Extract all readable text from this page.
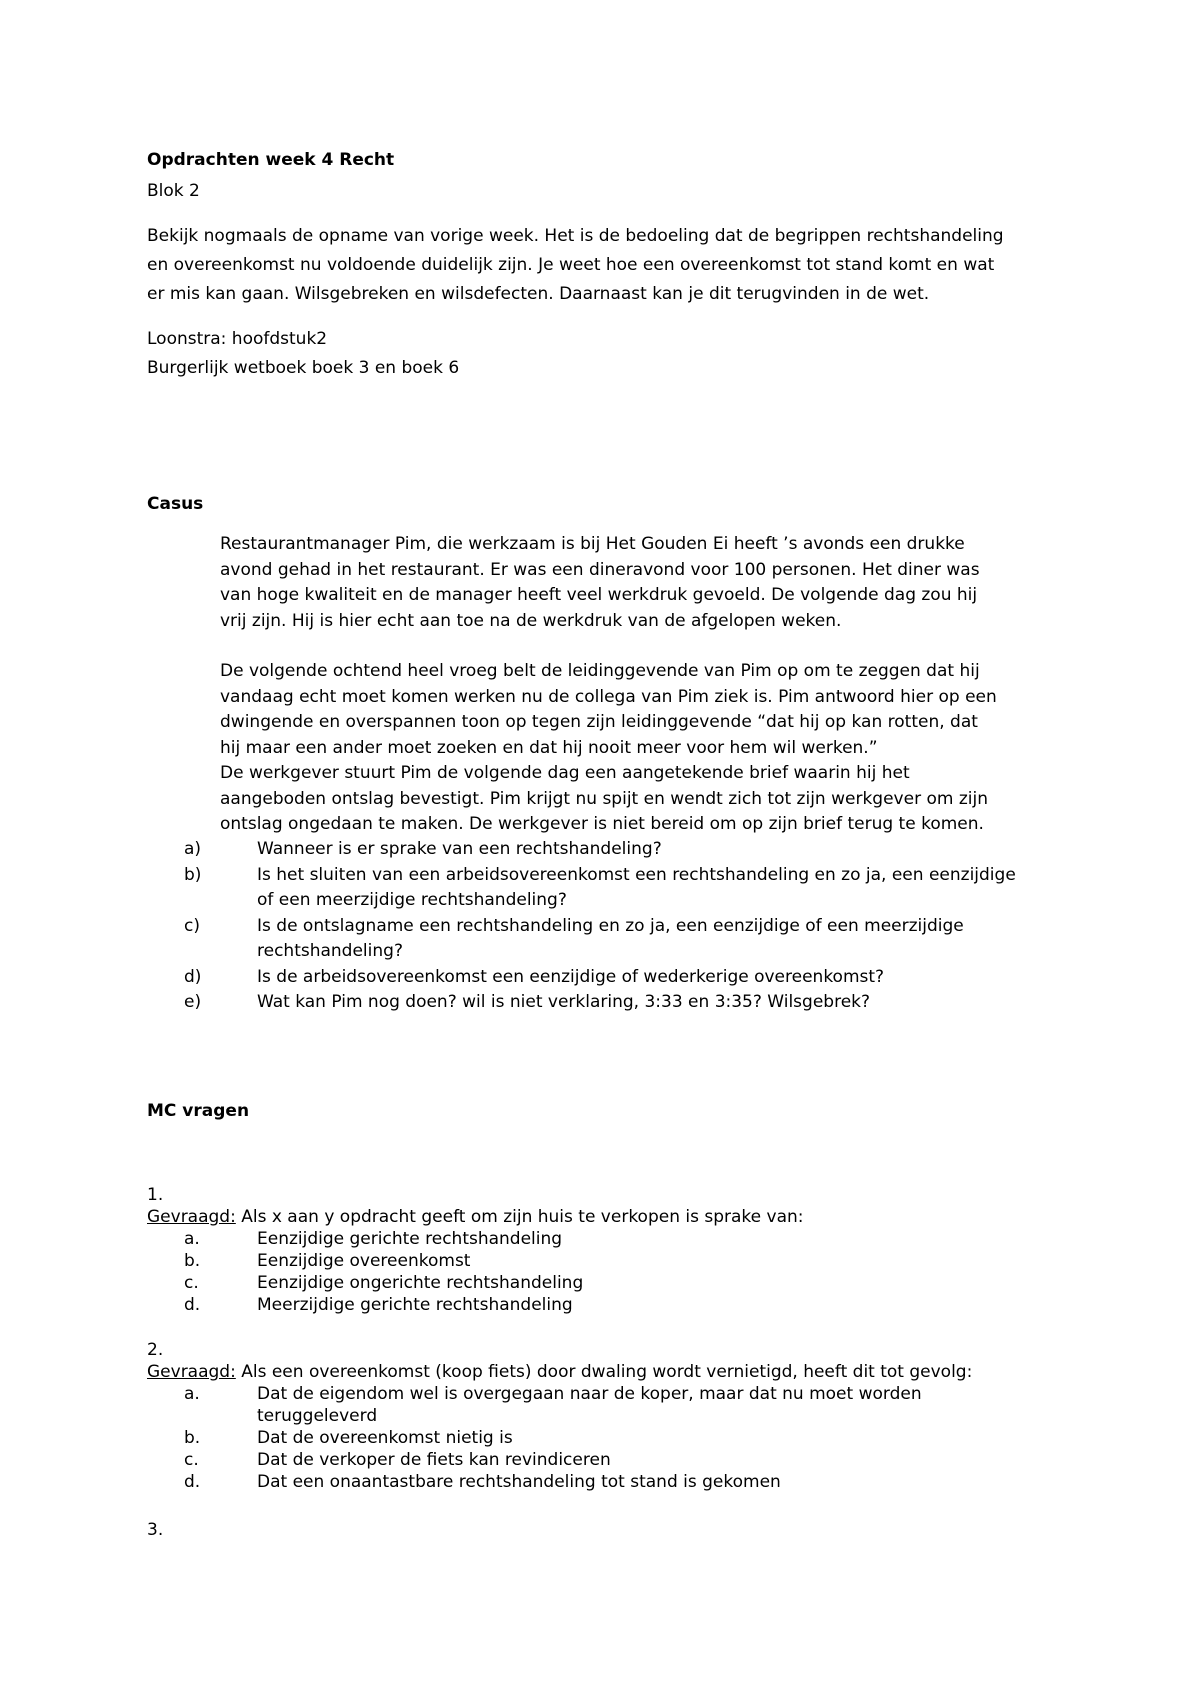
Opdrachten week 4 Recht
Blok 2
Bekijk nogmaals de opname van vorige week. Het is de bedoeling dat de begrippen rechtshandeling
en overeenkomst nu voldoende duidelijk zijn. Je weet hoe een overeenkomst tot stand komt en wat
er mis kan gaan. Wilsgebreken en wilsdefecten. Daarnaast kan je dit terugvinden in de wet.
Loonstra: hoofdstuk2
Burgerlijk wetboek boek 3 en boek 6
Casus
Restaurantmanager Pim, die werkzaam is bij Het Gouden Ei heeft ’s avonds een drukke
avond gehad in het restaurant. Er was een dineravond voor 100 personen. Het diner was
van hoge kwaliteit en de manager heeft veel werkdruk gevoeld. De volgende dag zou hij
vrij zijn. Hij is hier echt aan toe na de werkdruk van de afgelopen weken.
De volgende ochtend heel vroeg belt de leidinggevende van Pim op om te zeggen dat hij
vandaag echt moet komen werken nu de collega van Pim ziek is. Pim antwoord hier op een
dwingende en overspannen toon op tegen zijn leidinggevende “dat hij op kan rotten, dat
hij maar een ander moet zoeken en dat hij nooit meer voor hem wil werken.”
De werkgever stuurt Pim de volgende dag een aangetekende brief waarin hij het
aangeboden ontslag bevestigt. Pim krijgt nu spijt en wendt zich tot zijn werkgever om zijn
ontslag ongedaan te maken. De werkgever is niet bereid om op zijn brief terug te komen.
a)	Wanneer is er sprake van een rechtshandeling?
b)	Is het sluiten van een arbeidsovereenkomst een rechtshandeling en zo ja, een eenzijdige
of een meerzijdige rechtshandeling?
c)	Is de ontslagname een rechtshandeling en zo ja, een eenzijdige of een meerzijdige
rechtshandeling?
d)	Is de arbeidsovereenkomst een eenzijdige of wederkerige overeenkomst?
e)	Wat kan Pim nog doen? wil is niet verklaring, 3:33 en 3:35? Wilsgebrek?
MC vragen
1.
Gevraagd: Als x aan y opdracht geeft om zijn huis te verkopen is sprake van:
a.	Eenzijdige gerichte rechtshandeling
b.	Eenzijdige overeenkomst
c.	Eenzijdige ongerichte rechtshandeling
d.	Meerzijdige gerichte rechtshandeling
2.
Gevraagd: Als een overeenkomst (koop fiets) door dwaling wordt vernietigd, heeft dit tot gevolg:
a.	Dat de eigendom wel is overgegaan naar de koper, maar dat nu moet worden
teruggeleverd
b.	Dat de overeenkomst nietig is
c.	Dat de verkoper de fiets kan revindiceren
d.	Dat een onaantastbare rechtshandeling tot stand is gekomen
3.
